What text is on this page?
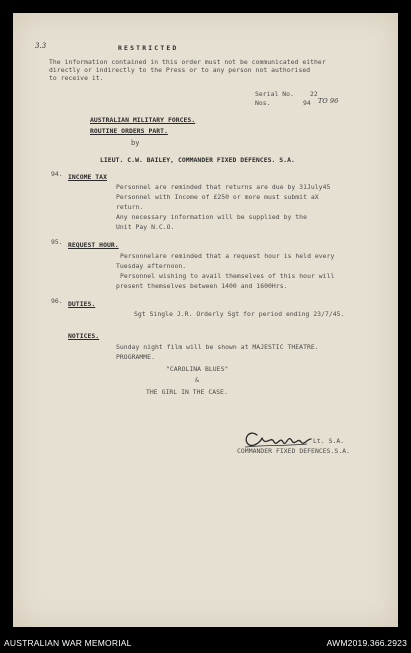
3.3	RESTRICTED
The information contained in this order must not be communicated either
directly or indirectly to the Press or to any person not authorised
to receive it.
Serial No.	22
Nos.	94 TO 96
AUSTRALIAN MILITARY FORCES.
ROUTINE ORDERS PART.
by
LIEUT. C.W. BAILEY, COMMANDER FIXED DEFENCES. S.A.
94. INCOME TAX
Personnel are reminded that returns are due by 31July45
Personnel with Income of £250 or more must submit aX
return.
Any necessary information will be supplied by the
Unit Pay N.C.O.
95. REQUEST HOUR.
Personnelare reminded that a request hour is held every
Tuesday afternoon.
Personnel wishing to avail themselves of this hour will
present themselves between 1400 and 1600Hrs.
96. DUTIES.
Sgt Single J.R. Orderly Sgt for period ending 23/7/45.
NOTICES.
Sunday night film will be shown at MAJESTIC THEATRE.
PROGRAMME.
"CAROLINA BLUES"
&
THE GIRL IN THE CASE.
Lt. S.A.
COMMANDER FIXED DEFENCES.S.A.
AUSTRALIAN WAR MEMORIAL	AWM2019.366.2923
